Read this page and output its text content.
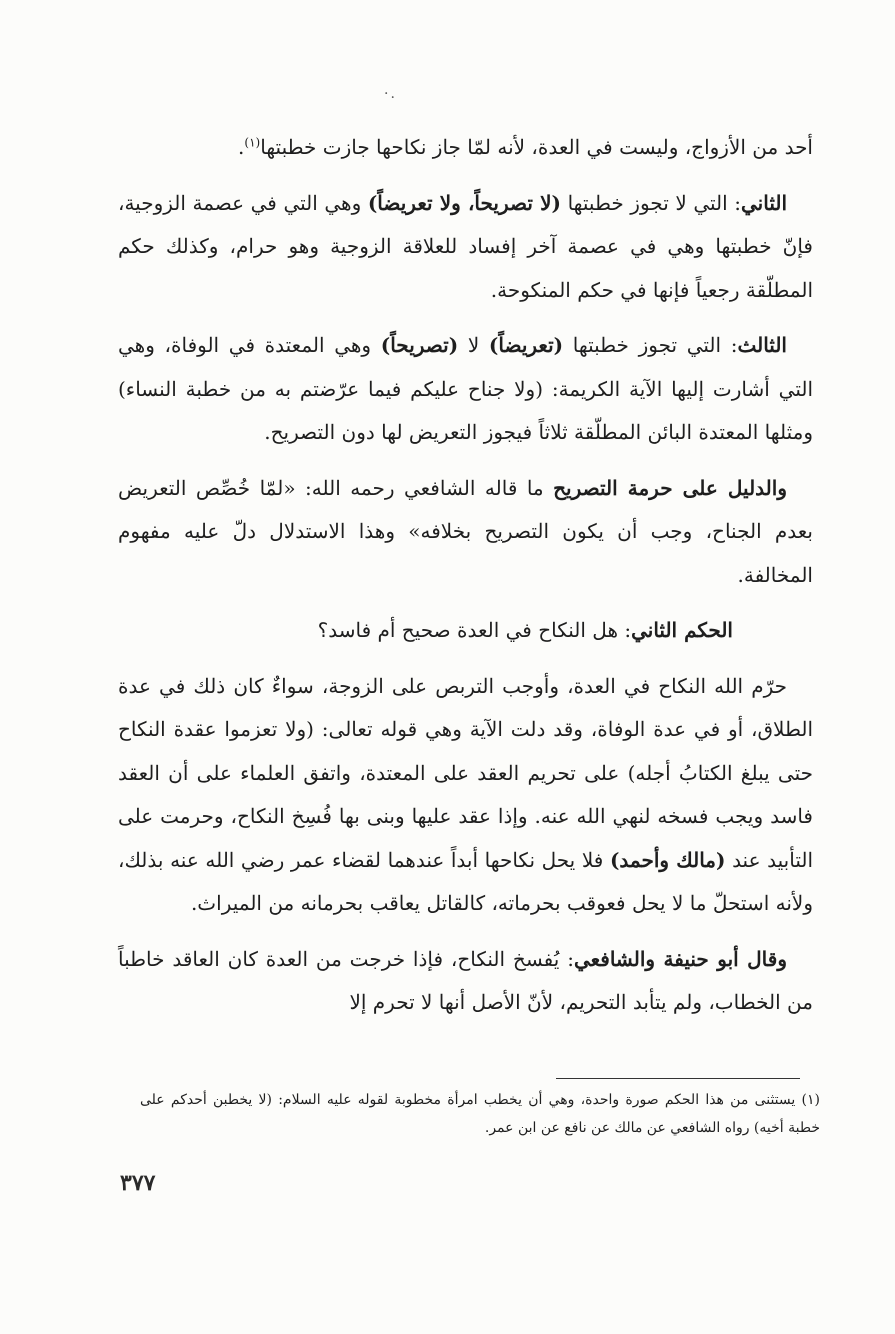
·.

أحد من الأزواج، وليست في العدة، لأنه لمّا جاز نكاحها جازت خطبتها$^{(١)}$.

الثاني: التي لا تجوز خطبتها (لا تصريحاً، ولا تعريضاً) وهي التي في عصمة الزوجية، فإنّ خطبتها وهي في عصمة آخر إفساد للعلاقة الزوجية وهو حرام، وكذلك حكم المطلّقة رجعياً فإنها في حكم المنكوحة.

الثالث: التي تجوز خطبتها (تعريضاً) لا (تصريحاً) وهي المعتدة في الوفاة، وهي التي أشارت إليها الآية الكريمة: (ولا جناح عليكم فيما عرّضتم به من خطبة النساء) ومثلها المعتدة البائن المطلّقة ثلاثاً فيجوز التعريض لها دون التصريح.

والدليل على حرمة التصريح ما قاله الشافعي رحمه الله: «لمّا خُصِّص التعريض بعدم الجناح، وجب أن يكون التصريح بخلافه» وهذا الاستدلال دلّ عليه مفهوم المخالفة.

الحكم الثاني: هل النكاح في العدة صحيح أم فاسد؟

حرّم الله النكاح في العدة، وأوجب التربص على الزوجة، سواءٌ كان ذلك في عدة الطلاق، أو في عدة الوفاة، وقد دلت الآية وهي قوله تعالى: (ولا تعزموا عقدة النكاح حتى يبلغ الكتابُ أجله) على تحريم العقد على المعتدة، واتفق العلماء على أن العقد فاسد ويجب فسخه لنهي الله عنه. وإذا عقد عليها وبنى بها فُسِخ النكاح، وحرمت على التأبيد عند (مالك وأحمد) فلا يحل نكاحها أبداً عندهما لقضاء عمر رضي الله عنه بذلك، ولأنه استحلّ ما لا يحل فعوقب بحرماته، كالقاتل يعاقب بحرمانه من الميراث.

وقال أبو حنيفة والشافعي: يُفسخ النكاح، فإذا خرجت من العدة كان العاقد خاطباً من الخطاب، ولم يتأبد التحريم، لأنّ الأصل أنها لا تحرم إلا

(١) يستثنى من هذا الحكم صورة واحدة، وهي أن يخطب امرأة مخطوبة لقوله عليه السلام: (لا يخطبن أحدكم على خطبة أخيه) رواه الشافعي عن مالك عن نافع عن ابن عمر.
٣٧٧
